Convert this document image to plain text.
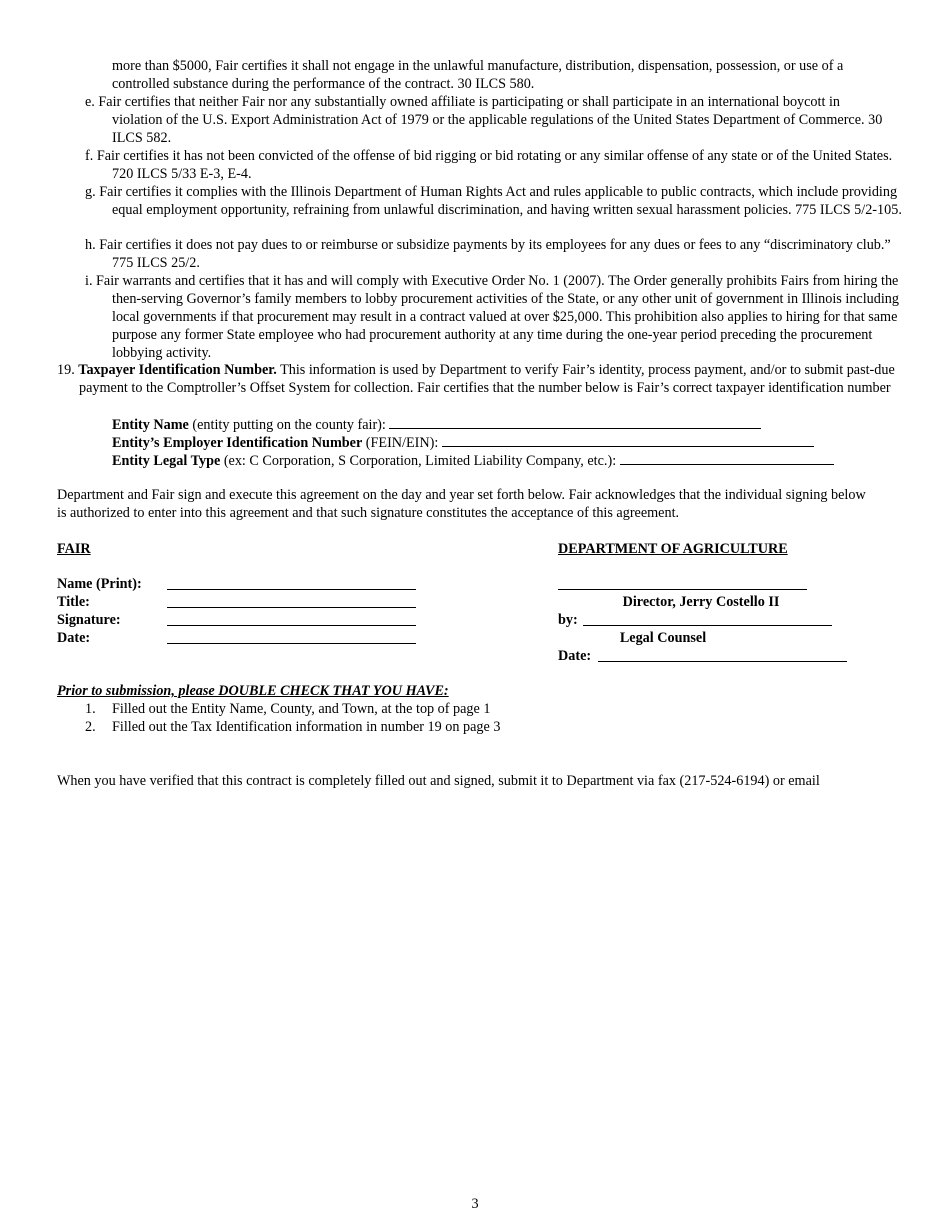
more than $5000, Fair certifies it shall not engage in the unlawful manufacture, distribution, dispensation, possession, or use of a controlled substance during the performance of the contract. 30 ILCS 580.

e. Fair certifies that neither Fair nor any substantially owned affiliate is participating or shall participate in an international boycott in violation of the U.S. Export Administration Act of 1979 or the applicable regulations of the United States Department of Commerce. 30 ILCS 582.

f. Fair certifies it has not been convicted of the offense of bid rigging or bid rotating or any similar offense of any state or of the United States. 720 ILCS 5/33 E-3, E-4.

g. Fair certifies it complies with the Illinois Department of Human Rights Act and rules applicable to public contracts, which include providing equal employment opportunity, refraining from unlawful discrimination, and having written sexual harassment policies. 775 ILCS 5/2-105.

h. Fair certifies it does not pay dues to or reimburse or subsidize payments by its employees for any dues or fees to any “discriminatory club.” 775 ILCS 25/2.

i. Fair warrants and certifies that it has and will comply with Executive Order No. 1 (2007). The Order generally prohibits Fairs from hiring the then-serving Governor’s family members to lobby procurement activities of the State, or any other unit of government in Illinois including local governments if that procurement may result in a contract valued at over $25,000. This prohibition also applies to hiring for that same purpose any former State employee who had procurement authority at any time during the one-year period preceding the procurement lobbying activity.

19. Taxpayer Identification Number. This information is used by Department to verify Fair’s identity, process payment, and/or to submit past-due payment to the Comptroller’s Offset System for collection. Fair certifies that the number below is Fair’s correct taxpayer identification number

Entity Name (entity putting on the county fair):
Entity’s Employer Identification Number (FEIN/EIN):
Entity Legal Type (ex: C Corporation, S Corporation, Limited Liability Company, etc.):

Department and Fair sign and execute this agreement on the day and year set forth below. Fair acknowledges that the individual signing below is authorized to enter into this agreement and that such signature constitutes the acceptance of this agreement.

FAIR
Name (Print):
Title:
Signature:
Date:
DEPARTMENT OF AGRICULTURE
Director, Jerry Costello II
by:
Legal Counsel
Date:
Prior to submission, please DOUBLE CHECK THAT YOU HAVE:
1. Filled out the Entity Name, County, and Town, at the top of page 1
2. Filled out the Tax Identification information in number 19 on page 3
When you have verified that this contract is completely filled out and signed, submit it to Department via fax (217-524-6194) or email
3
